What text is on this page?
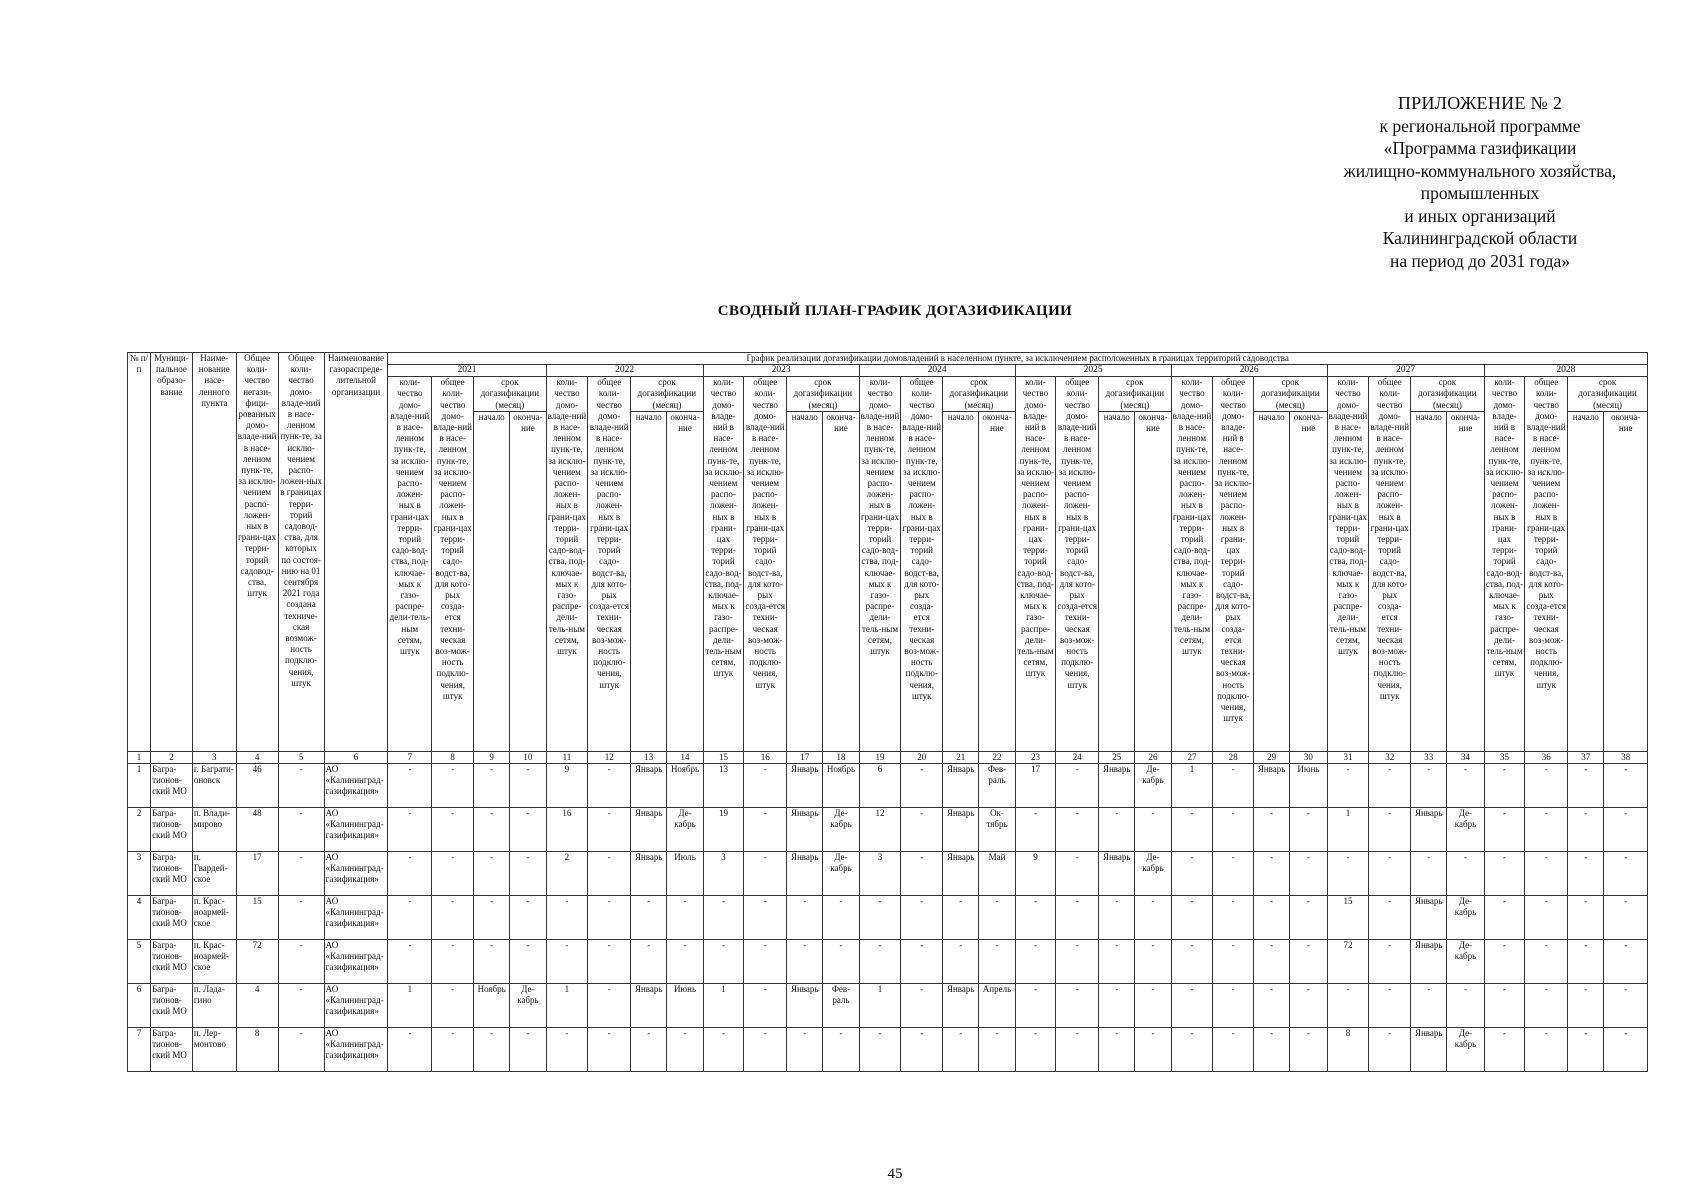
ПРИЛОЖЕНИЕ № 2
к региональной программе
«Программа газификации
жилищно-коммунального хозяйства,
промышленных
и иных организаций
Калининградской области
на период до 2031 года»
СВОДНЫЙ ПЛАН-ГРАФИК ДОГАЗИФИКАЦИИ
№ п/п	Муници-пальное образо-вание	Наиме-нование насе-ленного пункта	Общее коли-чество негази-фици-рованных домо-владе-ний в насе-ленном пунк-те, за исклю-чением распо-ложен-ных в грани-цах терри-торий садовод-ства, штук	Общее коли-чество домо-владе-ний в насе-ленном пунк-те, за исклю-чением распо-ложен-ных в границах терри-торий садовод-ства, для которых по состоя-нию на 01 сентября 2021 года создана техниче-ская возмож-ность подклю-чения, штук	Наименование газораспреде-лительной организации	График реализации догазификации домовладений в населенном пункте, за исключением расположенных в границах территорий садоводства																															
						2021				2022				2023				2024				2025				2026				2027				2028			
						коли-чество домо-владе-ний в насе-ленном пунк-те, за исклю-чением распо-ложен-ных в грани-цах терри-торий садо-вод-ства, под-ключае-мых к газо-распре-дели-тель-ным сетям, штук	общее коли-чество домо-владе-ний в насе-ленном пунк-те, за исклю-чением распо-ложен-ных в грани-цах терри-торий садо-водст-ва, для кото-рых созда-ется техни-ческая воз-мож-ность подклю-чения, штук	срок догазификации (месяц)		коли-чество домо-владе-ний в насе-ленном пунк-те, за исклю-чением распо-ложен-ных в грани-цах терри-торий садо-вод-ства, под-ключае-мых к газо-распре-дели-тель-ным сетям, штук	общее коли-чество домо-владе-ний в насе-ленном пунк-те, за исклю-чением распо-ложен-ных в грани-цах терри-торий садо-водст-ва, для кото-рых созда-ется техни-ческая воз-мож-ность подклю-чения, штук	срок догазификации (месяц)		коли-чество домо-владе-ний в насе-ленном пунк-те, за исклю-чением распо-ложен-ных в грани-цах терри-торий садо-вод-ства, под-ключае-мых к газо-распре-дели-тель-ным сетям, штук	общее коли-чество домо-владе-ний в насе-ленном пунк-те, за исклю-чением распо-ложен-ных в грани-цах терри-торий садо-водст-ва, для кото-рых созда-ется техни-ческая воз-мож-ность подклю-чения, штук	срок догазификации (месяц)		коли-чество домо-владе-ний в насе-ленном пунк-те, за исклю-чением распо-ложен-ных в грани-цах терри-торий садо-вод-ства, под-ключае-мых к газо-распре-дели-тель-ным сетям, штук	общее коли-чество домо-владе-ний в насе-ленном пунк-те, за исклю-чением распо-ложен-ных в грани-цах терри-торий садо-водст-ва, для кото-рых созда-ется техни-ческая воз-мож-ность подклю-чения, штук	срок догазификации (месяц)		коли-чество домо-владе-ний в насе-ленном пунк-те, за исклю-чением распо-ложен-ных в грани-цах терри-торий садо-вод-ства, под-ключае-мых к газо-распре-дели-тель-ным сетям, штук	общее коли-чество домо-владе-ний в насе-ленном пунк-те, за исклю-чением распо-ложен-ных в грани-цах терри-торий садо-водст-ва, для кото-рых созда-ется техни-ческая воз-мож-ность подклю-чения, штук	срок догазификации (месяц)		коли-чество домо-владе-ний в насе-ленном пунк-те, за исклю-чением распо-ложен-ных в грани-цах терри-торий садо-вод-ства, под-ключае-мых к газо-распре-дели-тель-ным сетям, штук	общее коли-чество домо-владе-ний в насе-ленном пунк-те, за исклю-чением распо-ложен-ных в грани-цах терри-торий садо-водст-ва, для кото-рых созда-ется техни-ческая воз-мож-ность подклю-чения, штук	срок догазификации (месяц)		коли-чество домо-владе-ний в насе-ленном пунк-те, за исклю-чением распо-ложен-ных в грани-цах терри-торий садо-вод-ства, под-ключае-мых к газо-распре-дели-тель-ным сетям, штук	общее коли-чество домо-владе-ний в насе-ленном пунк-те, за исклю-чением распо-ложен-ных в грани-цах терри-торий садо-водст-ва, для кото-рых созда-ется техни-ческая воз-мож-ность подклю-чения, штук	срок догазификации (месяц)		коли-чество домо-владе-ний в насе-ленном пунк-те, за исклю-чением распо-ложен-ных в грани-цах терри-торий садо-вод-ства, под-ключае-мых к газо-распре-дели-тель-ным сетям, штук	общее коли-чество домо-владе-ний в насе-ленном пунк-те, за исклю-чением распо-ложен-ных в грани-цах терри-торий садо-водст-ва, для кото-рых созда-ется техни-ческая воз-мож-ность подклю-чения, штук	срок догазификации (месяц)	
								начало	оконча-ние			начало	оконча-ние			начало	оконча-ние			начало	оконча-ние			начало	оконча-ние			начало	оконча-ние			начало	оконча-ние			начало	оконча-ние
1	2	3	4	5	6	7	8	9	10	11	12	13	14	15	16	17	18	19	20	21	22	23	24	25	26	27	28	29	30	31	32	33	34	35	36	37	38
1	Багра-тионов-ский МО	г. Баграти-оновск	46	-	АО «Калининград-газификация»	-	-	-	-	9	-	Январь	Ноябрь	13	-	Январь	Ноябрь	6	-	Январь	Фев-раль	17	-	Январь	Де-кабрь	1	-	Январь	Июнь	-	-	-	-	-	-	-	-
2	Багра-тионов-ский МО	п. Влади-мирово	48	-	АО «Калининград-газификация»	-	-	-	-	16	-	Январь	Де-кабрь	19	-	Январь	Де-кабрь	12	-	Январь	Ок-тябрь	-	-	-	-	-	-	-	-	1	-	Январь	Де-кабрь	-	-	-	-
3	Багра-тионов-ский МО	п. Гвардей-ское	17	-	АО «Калининград-газификация»	-	-	-	-	2	-	Январь	Июль	3	-	Январь	Де-кабрь	3	-	Январь	Май	9	-	Январь	Де-кабрь	-	-	-	-	-	-	-	-	-	-	-	-
4	Багра-тионов-ский МО	п. Крас-ноармей-ское	15	-	АО «Калининград-газификация»	-	-	-	-	-	-	-	-	-	-	-	-	-	-	-	-	-	-	-	-	-	-	-	-	15	-	Январь	Де-кабрь	-	-	-	-
5	Багра-тионов-ский МО	п. Крас-ноармей-ское	72	-	АО «Калининград-газификация»	-	-	-	-	-	-	-	-	-	-	-	-	-	-	-	-	-	-	-	-	-	-	-	-	72	-	Январь	Де-кабрь	-	-	-	-
6	Багра-тионов-ский МО	п. Лада-гино	4	-	АО «Калининград-газификация»	1	-	Ноябрь	Де-кабрь	1	-	Январь	Июнь	1	-	Январь	Фев-раль	1	-	Январь	Апрель	-	-	-	-	-	-	-	-	-	-	-	-	-	-	-	-
7	Багра-тионов-ский МО	п. Лер-монтово	8	-	АО «Калининград-газификация»	-	-	-	-	-	-	-	-	-	-	-	-	-	-	-	-	-	-	-	-	-	-	-	-	8	-	Январь	Де-кабрь	-	-	-	-
45
